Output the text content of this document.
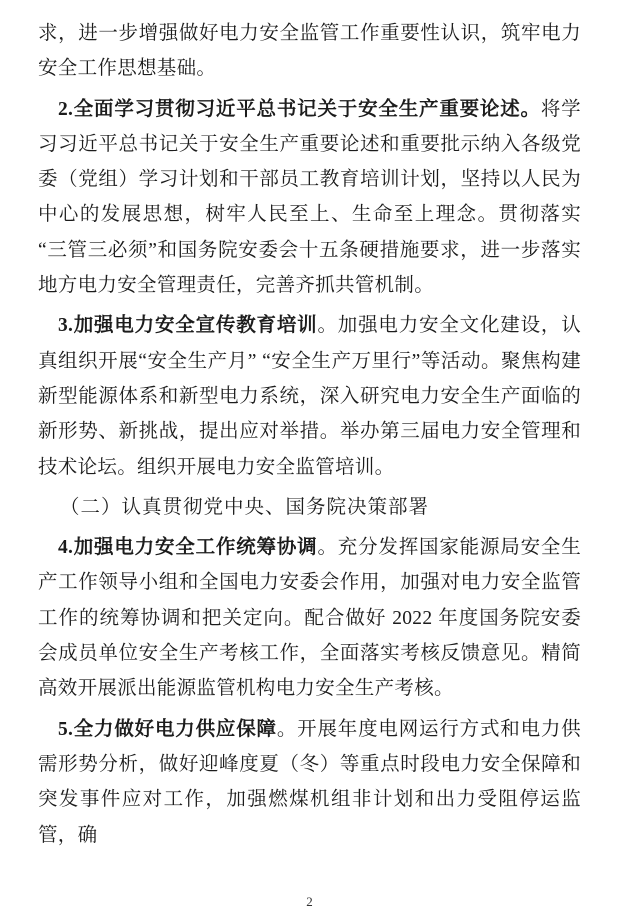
求，进一步增强做好电力安全监管工作重要性认识，筑牢电力安全工作思想基础。

2.全面学习贯彻习近平总书记关于安全生产重要论述。将学习习近平总书记关于安全生产重要论述和重要批示纳入各级党委（党组）学习计划和干部员工教育培训计划，坚持以人民为中心的发展思想，树牢人民至上、生命至上理念。贯彻落实“三管三必须”和国务院安委会十五条硬措施要求，进一步落实地方电力安全管理责任，完善齐抓共管机制。

3.加强电力安全宣传教育培训。加强电力安全文化建设，认真组织开展“安全生产月” “安全生产万里行”等活动。聚焦构建新型能源体系和新型电力系统，深入研究电力安全生产面临的新形势、新挑战，提出应对举措。举办第三届电力安全管理和技术论坛。组织开展电力安全监管培训。

（二）认真贯彻党中央、国务院决策部署

4.加强电力安全工作统筹协调。充分发挥国家能源局安全生产工作领导小组和全国电力安委会作用，加强对电力安全监管工作的统筹协调和把关定向。配合做好 2022 年度国务院安委会成员单位安全生产考核工作，全面落实考核反馈意见。精简高效开展派出能源监管机构电力安全生产考核。

5.全力做好电力供应保障。开展年度电网运行方式和电力供需形势分析，做好迎峰度夏（冬）等重点时段电力安全保障和突发事件应对工作，加强燃煤机组非计划和出力受阻停运监管，确

2
